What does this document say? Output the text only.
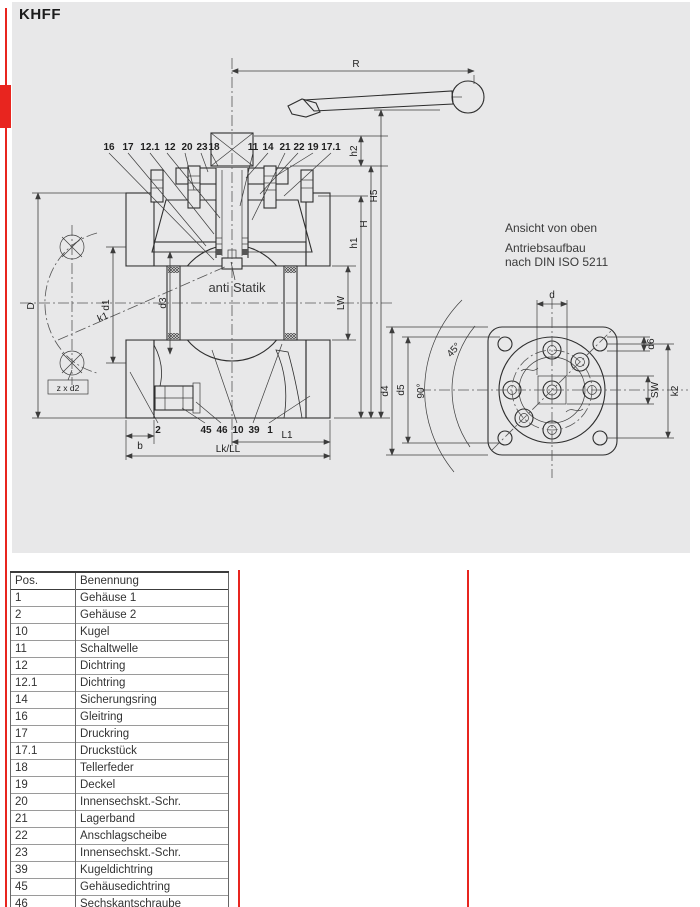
KHFF
16 17 12.1 12 20 23 18	11 14 21 22 19 17.1
2	45 46 10 39 1
R
h2
H5
H
h1
LW
D	d1	d3
k1
z x d2
b
L1
Lk/LL
anti Statik
d
d6
SW k2
d4 d5
45°
90°
Ansicht von oben
Antriebsaufbau
nach DIN ISO 5211
Pos.	Benennung
1	Gehäuse 1
2	Gehäuse 2
10	Kugel
11	Schaltwelle
12	Dichtring
12.1	Dichtring
14	Sicherungsring
16	Gleitring
17	Druckring
17.1	Druckstück
18	Tellerfeder
19	Deckel
20	Innensechskt.-Schr.
21	Lagerband
22	Anschlagscheibe
23	Innensechskt.-Schr.
39	Kugeldichtring
45	Gehäusedichtring
46	Sechskantschraube
